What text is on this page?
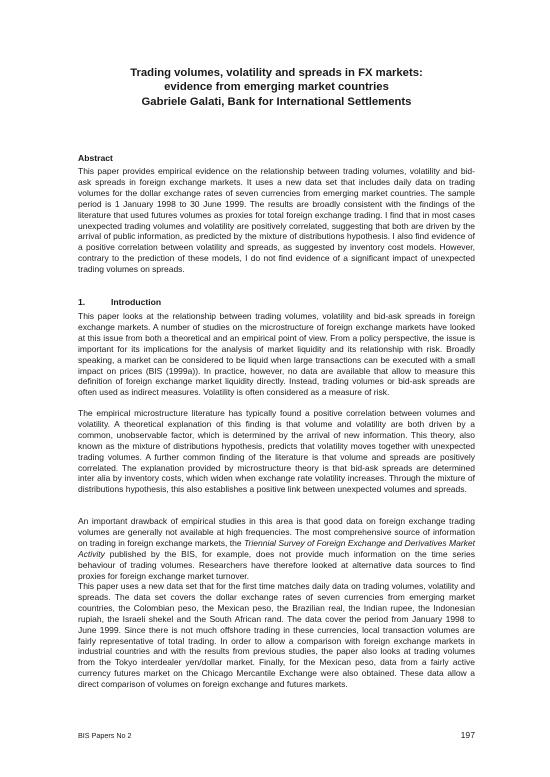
Trading volumes, volatility and spreads in FX markets:

evidence from emerging market countries

Gabriele Galati, Bank for International Settlements

Abstract

This paper provides empirical evidence on the relationship between trading volumes, volatility and bid-ask spreads in foreign exchange markets. It uses a new data set that includes daily data on trading volumes for the dollar exchange rates of seven currencies from emerging market countries. The sample period is 1 January 1998 to 30 June 1999. The results are broadly consistent with the findings of the literature that used futures volumes as proxies for total foreign exchange trading. I find that in most cases unexpected trading volumes and volatility are positively correlated, suggesting that both are driven by the arrival of public information, as predicted by the mixture of distributions hypothesis. I also find evidence of a positive correlation between volatility and spreads, as suggested by inventory cost models. However, contrary to the prediction of these models, I do not find evidence of a significant impact of unexpected trading volumes on spreads.

1.	Introduction

This paper looks at the relationship between trading volumes, volatility and bid-ask spreads in foreign exchange markets. A number of studies on the microstructure of foreign exchange markets have looked at this issue from both a theoretical and an empirical point of view. From a policy perspective, the issue is important for its implications for the analysis of market liquidity and its relationship with risk. Broadly speaking, a market can be considered to be liquid when large transactions can be executed with a small impact on prices (BIS (1999a)). In practice, however, no data are available that allow to measure this definition of foreign exchange market liquidity directly. Instead, trading volumes or bid-ask spreads are often used as indirect measures. Volatility is often considered as a measure of risk.

The empirical microstructure literature has typically found a positive correlation between volumes and volatility. A theoretical explanation of this finding is that volume and volatility are both driven by a common, unobservable factor, which is determined by the arrival of new information. This theory, also known as the mixture of distributions hypothesis, predicts that volatility moves together with unexpected trading volumes. A further common finding of the literature is that volume and spreads are positively correlated. The explanation provided by microstructure theory is that bid-ask spreads are determined inter alia by inventory costs, which widen when exchange rate volatility increases. Through the mixture of distributions hypothesis, this also establishes a positive link between unexpected volumes and spreads.

An important drawback of empirical studies in this area is that good data on foreign exchange trading volumes are generally not available at high frequencies. The most comprehensive source of information on trading in foreign exchange markets, the Triennial Survey of Foreign Exchange and Derivatives Market Activity published by the BIS, for example, does not provide much information on the time series behaviour of trading volumes. Researchers have therefore looked at alternative data sources to find proxies for foreign exchange market turnover.

This paper uses a new data set that for the first time matches daily data on trading volumes, volatility and spreads. The data set covers the dollar exchange rates of seven currencies from emerging market countries, the Colombian peso, the Mexican peso, the Brazilian real, the Indian rupee, the Indonesian rupiah, the Israeli shekel and the South African rand. The data cover the period from January 1998 to June 1999. Since there is not much offshore trading in these currencies, local transaction volumes are fairly representative of total trading. In order to allow a comparison with foreign exchange markets in industrial countries and with the results from previous studies, the paper also looks at trading volumes from the Tokyo interdealer yen/dollar market. Finally, for the Mexican peso, data from a fairly active currency futures market on the Chicago Mercantile Exchange were also obtained. These data allow a direct comparison of volumes on foreign exchange and futures markets.

BIS Papers No 2	197
